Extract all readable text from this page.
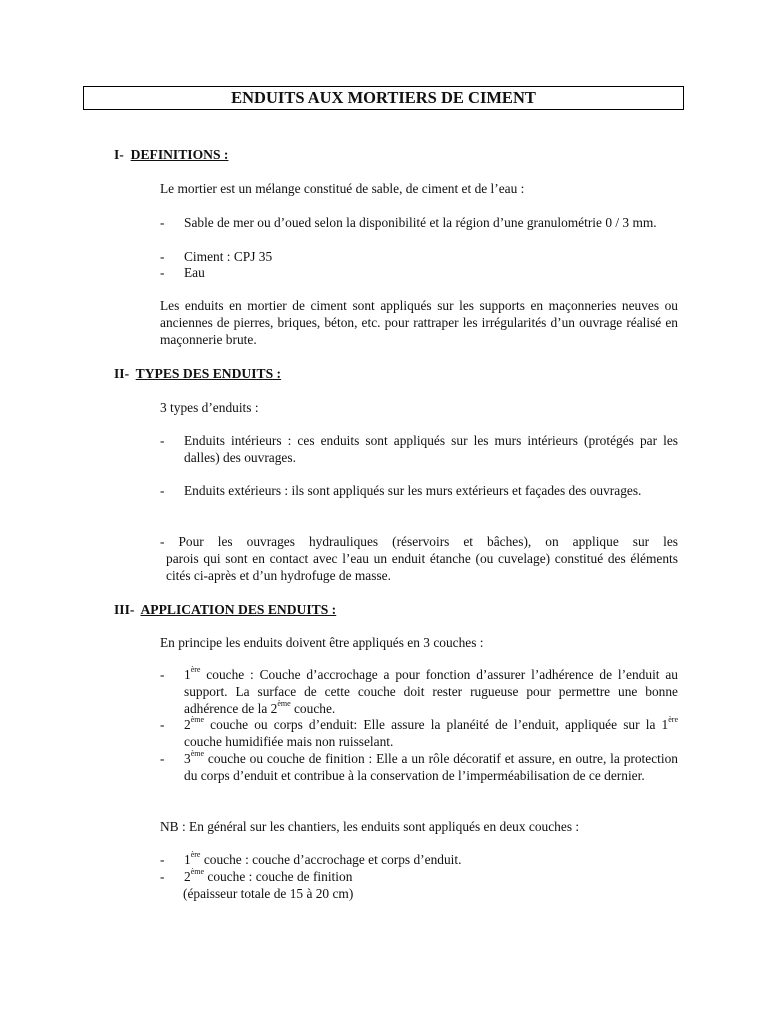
ENDUITS AUX MORTIERS DE CIMENT
I- DEFINITIONS :
Le mortier est un mélange constitué de sable, de ciment et de l’eau :
- Sable de mer ou d’oued selon la disponibilité et la région d’une granulométrie 0 / 3 mm.
- Ciment : CPJ 35
- Eau
Les enduits en mortier de ciment sont appliqués sur les supports en maçonneries neuves ou anciennes de pierres, briques, béton, etc. pour rattraper les irrégularités d’un ouvrage réalisé en maçonnerie brute.
II- TYPES DES ENDUITS :
3 types d’enduits :
- Enduits intérieurs : ces enduits sont appliqués sur les murs intérieurs (protégés par les dalles) des ouvrages.
- Enduits extérieurs : ils sont appliqués sur les murs extérieurs et façades des ouvrages.
- Pour les ouvrages hydrauliques (réservoirs et bâches), on applique sur les
parois qui sont en contact avec l’eau un enduit étanche (ou cuvelage) constitué des éléments cités ci-après et d’un hydrofuge de masse.
III- APPLICATION DES ENDUITS :
En principe les enduits doivent être appliqués en 3 couches :
- 1ère couche : Couche d’accrochage a pour fonction d’assurer l’adhérence de l’enduit au support. La surface de cette couche doit rester rugueuse pour permettre une bonne adhérence de la 2ème couche.
- 2ème couche ou corps d’enduit: Elle assure la planéité de l’enduit, appliquée sur la 1ère couche humidifiée mais non ruisselant.
- 3ème couche ou couche de finition : Elle a un rôle décoratif et assure, en outre, la protection du corps d’enduit et contribue à la conservation de l’imperméabilisation de ce dernier.
NB : En général sur les chantiers, les enduits sont appliqués en deux couches :
- 1ère couche : couche d’accrochage et corps d’enduit.
- 2ème couche : couche de finition
(épaisseur totale de 15 à 20 cm)
